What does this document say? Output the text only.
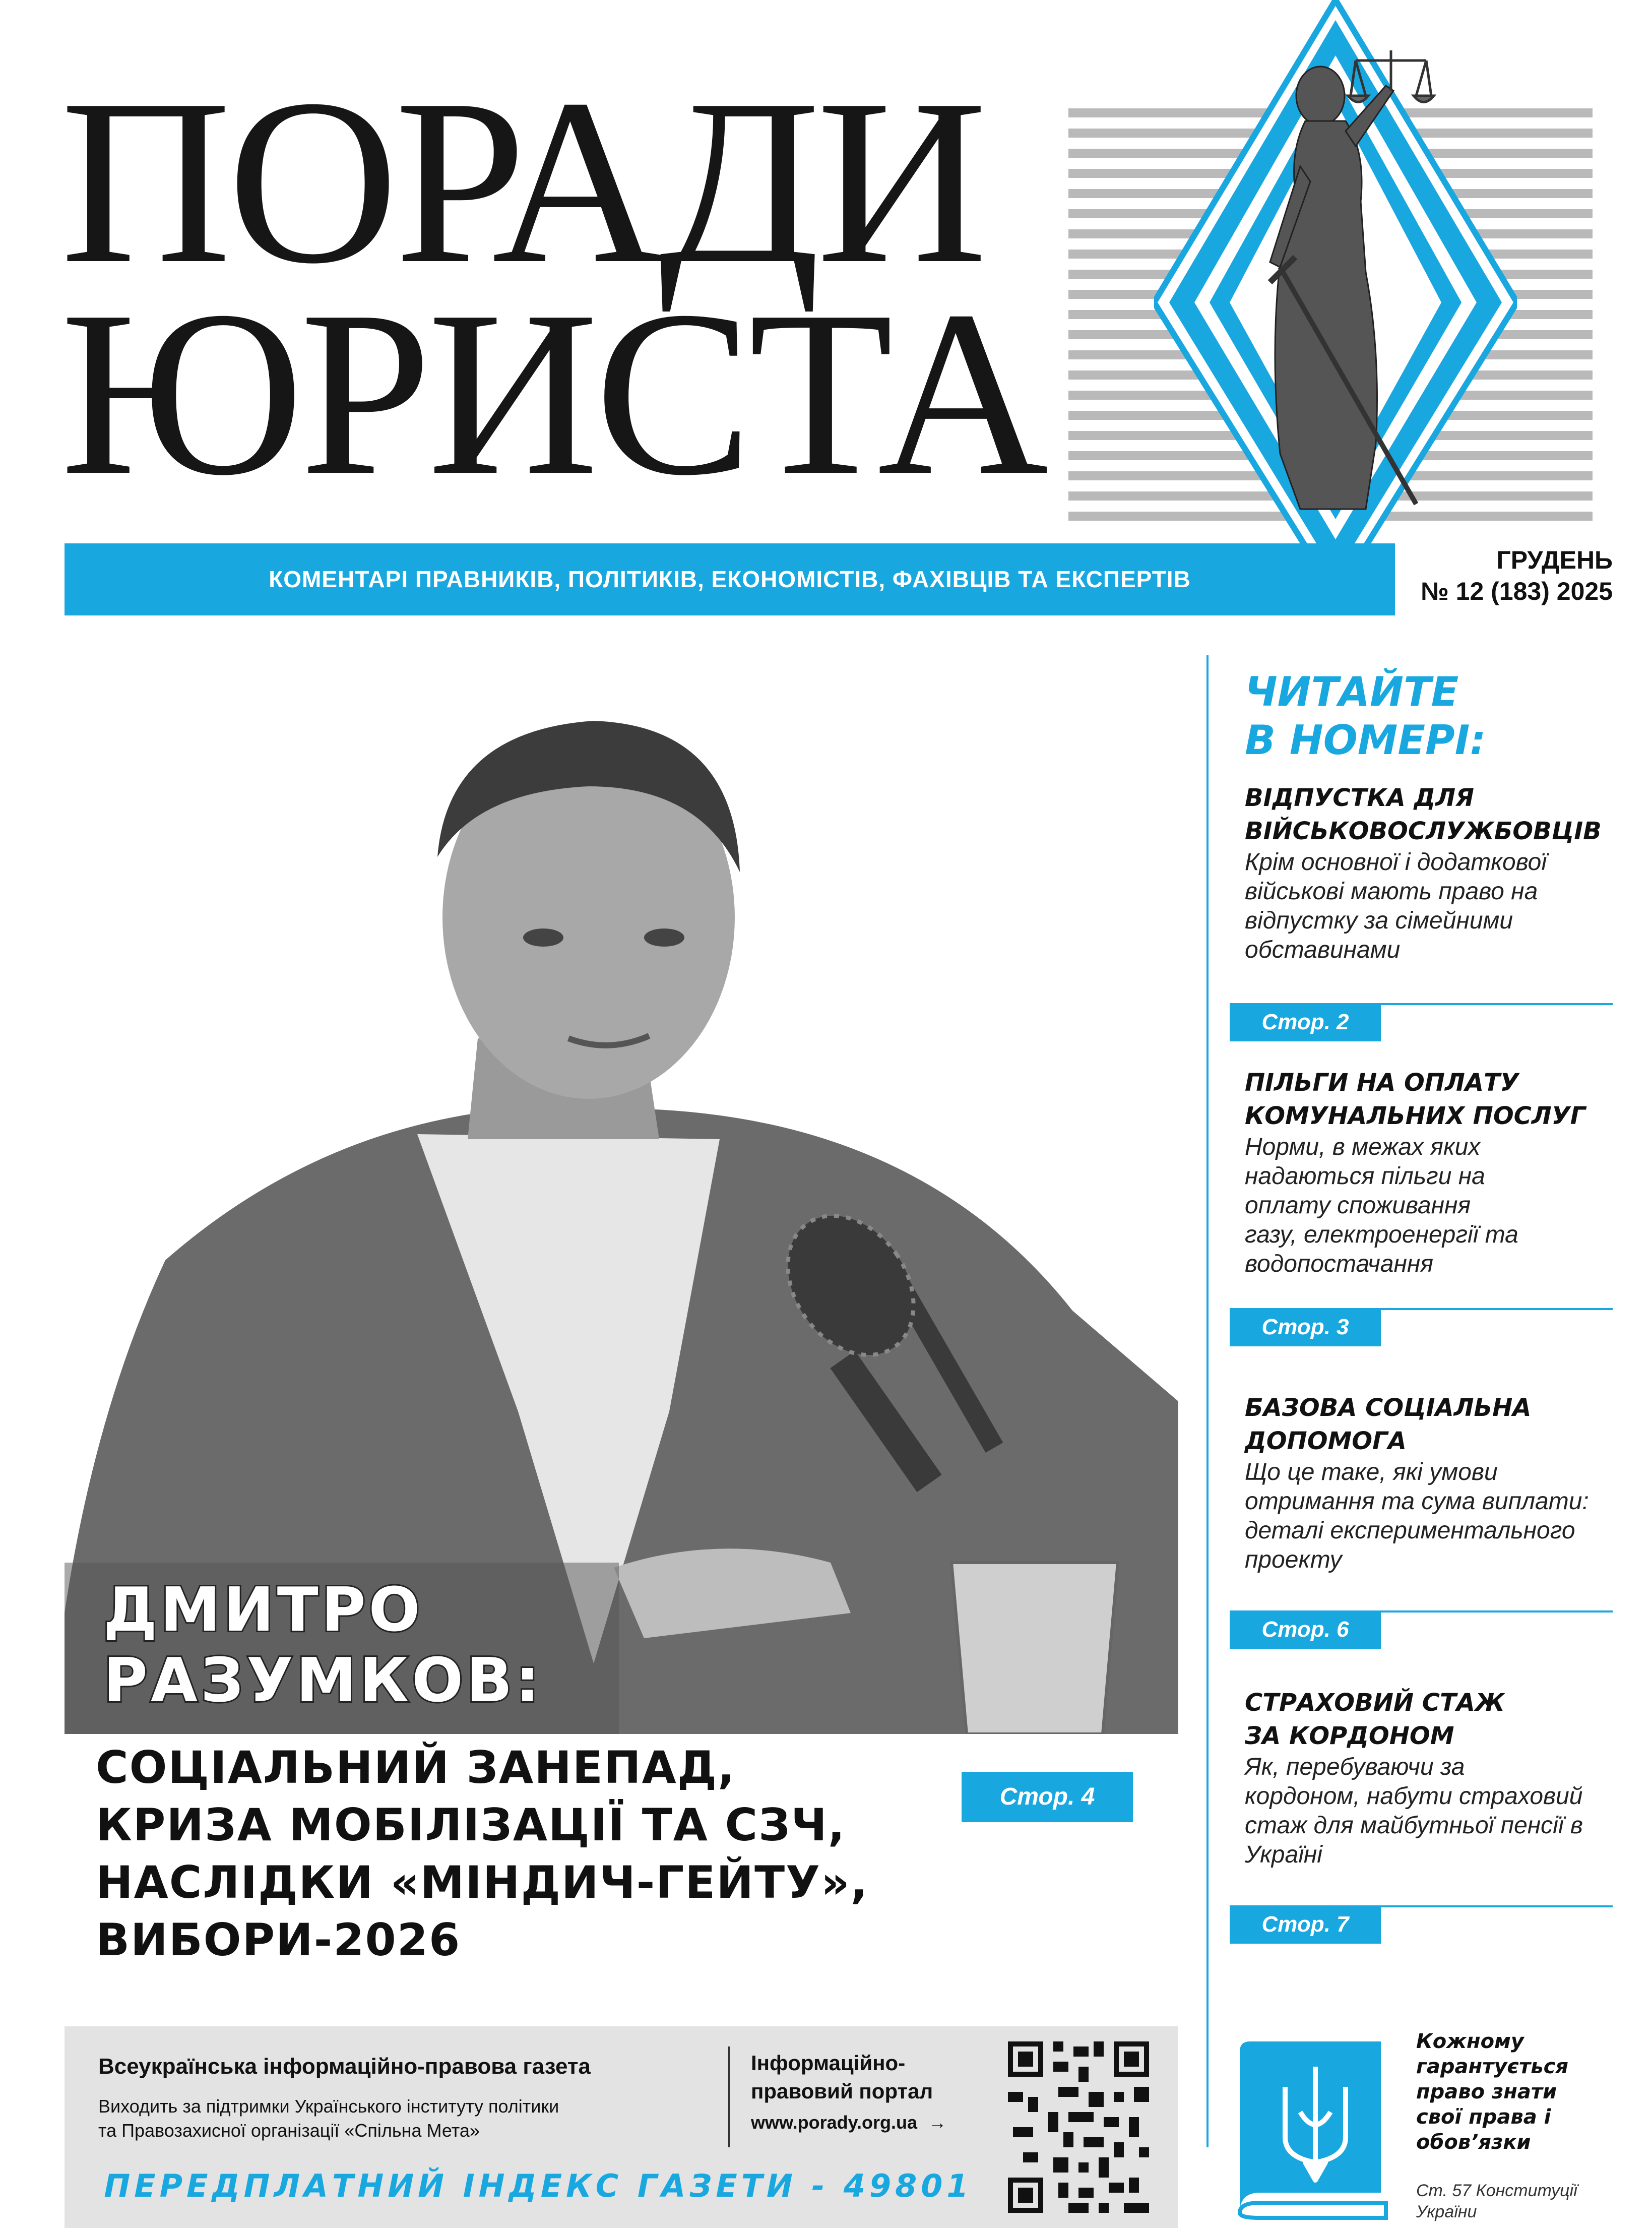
ПОРАДИ
ЮРИСТА
КОМЕНТАРІ ПРАВНИКІВ, ПОЛІТИКІВ, ЕКОНОМІСТІВ, ФАХІВЦІВ ТА ЕКСПЕРТІВ
ГРУДЕНЬ
№ 12 (183) 2025
ДМИТРО
РАЗУМКОВ:
СОЦІАЛЬНИЙ ЗАНЕПАД,
КРИЗА МОБІЛІЗАЦІЇ ТА СЗЧ,
НАСЛІДКИ «МІНДИЧ-ГЕЙТУ»,
ВИБОРИ-2026
Стор. 4
ЧИТАЙТЕ
В НОМЕРІ:
ВІДПУСТКА ДЛЯ
ВІЙСЬКОВОСЛУЖБОВЦІВ
Крім основної і додаткової
військові мають право на
відпустку за сімейними
обставинами
Стор. 2
ПІЛЬГИ НА ОПЛАТУ
КОМУНАЛЬНИХ ПОСЛУГ
Норми, в межах яких
надаються пільги на
оплату споживання
газу, електроенергії та
водопостачання
Стор. 3
БАЗОВА СОЦІАЛЬНА
ДОПОМОГА
Що це таке, які умови
отримання та сума виплати:
деталі експериментального
проекту
Стор. 6
СТРАХОВИЙ СТАЖ
ЗА КОРДОНОМ
Як, перебуваючи за
кордоном, набути страховий
стаж для майбутньої пенсії в
Україні
Стор. 7
Всеукраїнська інформаційно-правова газета
Виходить за підтримки Українського інституту політики
та Правозахисної організації «Спільна Мета»
Інформаційно-
правовий портал
www.porady.org.ua →
ПЕРЕДПЛАТНИЙ ІНДЕКС ГАЗЕТИ - 49801
Кожному
гарантується
право знати
свої права і
обов’язки
Ст. 57 Конституції
України
